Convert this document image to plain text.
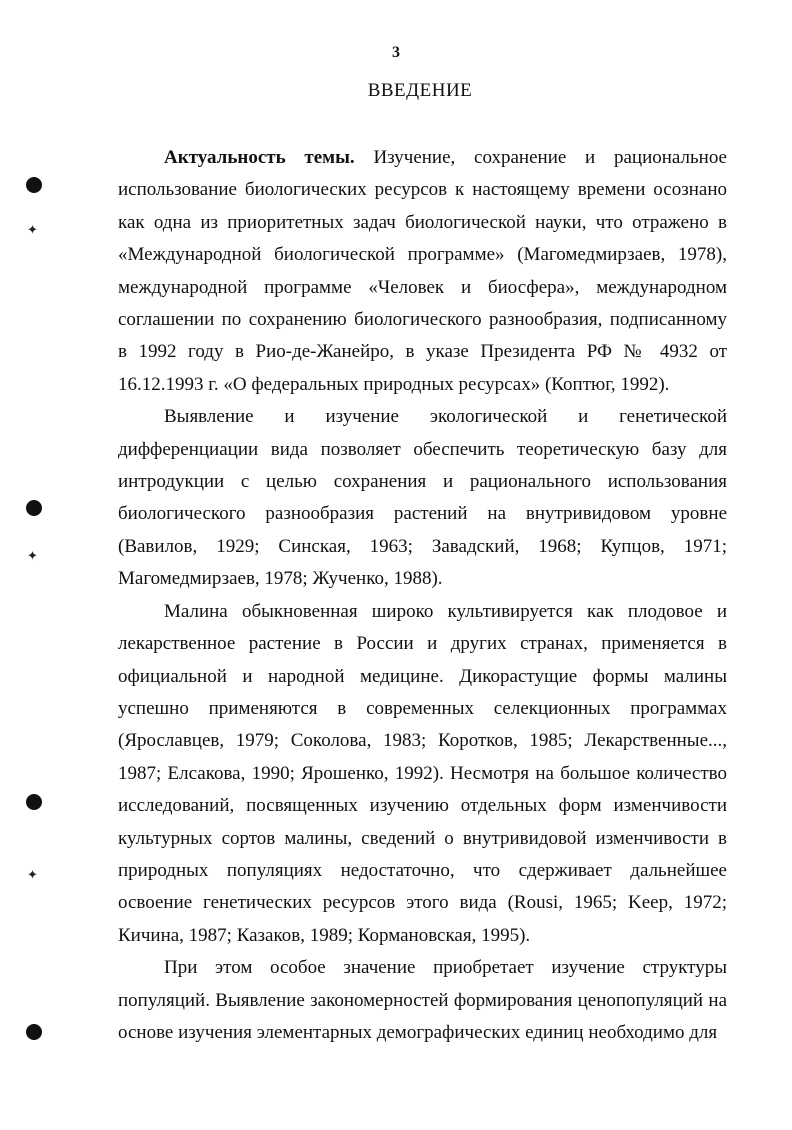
3
ВВЕДЕНИЕ

Актуальность темы. Изучение, сохранение и рациональное использование биологических ресурсов к настоящему времени осознано как одна из приоритетных задач биологической науки, что отражено в «Международной биологической программе» (Магомедмирзаев, 1978), международной программе «Человек и биосфера», международном соглашении по сохранению биологического разнообразия, подписанному в 1992 году в Рио-де-Жанейро, в указе Президента РФ № 4932 от 16.12.1993 г. «О федеральных природных ресурсах» (Коптюг, 1992).

Выявление и изучение экологической и генетической дифференциации вида позволяет обеспечить теоретическую базу для интродукции с целью сохранения и рационального использования биологического разнообразия растений на внутривидовом уровне (Вавилов, 1929; Синская, 1963; Завадский, 1968; Купцов, 1971; Магомедмирзаев, 1978; Жученко, 1988).

Малина обыкновенная широко культивируется как плодовое и лекарственное растение в России и других странах, применяется в официальной и народной медицине. Дикорастущие формы малины успешно применяются в современных селекционных программах (Ярославцев, 1979; Соколова, 1983; Коротков, 1985; Лекарственные..., 1987; Елсакова, 1990; Ярошенко, 1992). Несмотря на большое количество исследований, посвященных изучению отдельных форм изменчивости культурных сортов малины, сведений о внутривидовой изменчивости в природных популяциях недостаточно, что сдерживает дальнейшее освоение генетических ресурсов этого вида (Rousi, 1965; Keep, 1972; Кичина, 1987; Казаков, 1989; Кормановская, 1995).

При этом особое значение приобретает изучение структуры популяций. Выявление закономерностей формирования ценопопуляций на основе изучения элементарных демографических единиц необходимо для

✦
✦
✦
